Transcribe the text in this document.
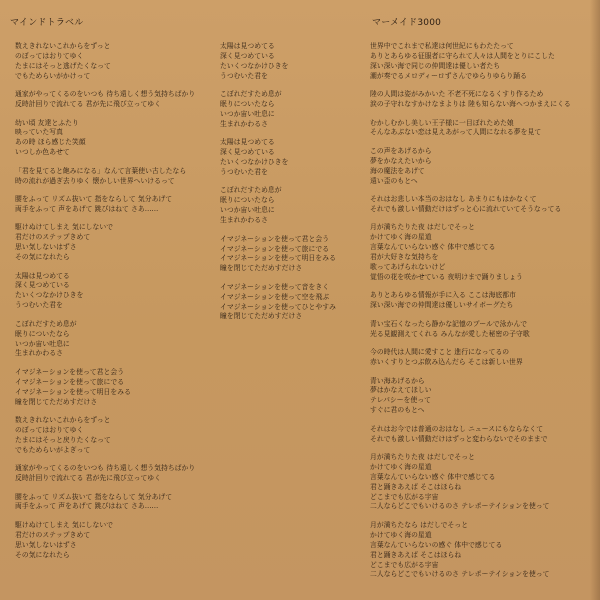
マインドトラベル	マーメイド3000
数えきれないこれからをずっと
のぼってはおりてゆく
たまにはそっと逃げたくなって
でもためらいがかけって
通家がやってくるのをいつも 待ち遠しく想う気持ちばかり
反時計回りで流れてる 君が先に飛び立ってゆく
幼い頃 友達とふたり
映っていた写真
あの時 ほら感じた笑顔
いつしか色あせて
「君を見てると飽みになる」なんて言葉使い古したなら
時の流れが過ぎ去りゆく 懐かしい世界へいけるって
腰をふって リズム抜いて 指をならして 気分あげて
両手をふって 声をあげて 跳びはねて さあ……
駆けぬけてしまえ 気にしないで
君だけのステップきめて
思い気しないはずさ
その気になれたら
太陽は見つめてる
深く見つめている
たいくつなかけひきを
うつむいた君を
こぼれだすため息が
眠りについたなら
いつか宙い吐息に
生まれかわるさ
イマジネーションを使って君と会う
イマジネーションを使って旅にでる
イマジネーションを使って明日をみる
瞳を閉じてただめすだけさ
数えきれないこれからをずっと
のぼってはおりてゆく
たまにはそっと戻りたくなって
でもためらいがよぎって
通家がやってくるのをいつも 待ち遠しく想う気持ちばかり
反時計回りで流れてる 君が先に飛び立ってゆく
腰をふって リズム抜いて 指をならして 気分あげて
両手をふって 声をあげて 跳びはねて さあ……
駆けぬけてしまえ 気にしないで
君だけのステップきめて
思い気しないはずさ
その気になれたら
太陽は見つめてる
深く見つめている
たいくつなかけひきを
うつむいた君を
こぼれだすため息が
眠りについたなら
いつか宙い吐息に
生まれかわるさ
太陽は見つめてる
深く見つめている
たいくつなかけひきを
うつむいた君を
こぼれだすため息が
眠りについたなら
いつか宙い吐息に
生まれかわるさ
イマジネーションを使って君と会う
イマジネーションを使って旅にでる
イマジネーションを使って明日をみる
瞳を閉じてただめすだけさ
イマジネーションを使って音をきく
イマジネーションを使って空を飛ぶ
イマジネーションを使ってひとやすみ
瞳を閉じてただめすだけさ
世界中でこれまで私達は何世紀にもわたたって
ありとあらゆる征服者に守られて人々は人間をとりにこした
深い深い海で同じの仲間達は優しい者たち
潮が奏でるメロディーロずさんでゆらりゆらり踊る
陸の人間は姿がみかいた 不老不死になるくすり作るため
涙の子守れなすかけなまよりは 陸も知らない海ヘつかまえにくる
むかしむかし美しい王子様に一目ぼれためた娘
そんなあぶない恋は見えあがって人間になれる夢を見て
この声をあげるから
夢をかなえたいから
海の魔法をあげて
遠い歪のもとへ
それはお悲しい本当のおはなし あまりにもはかなくて
それでも激しい情動だけはずっと心に流れていてそうなってる
月が満ちたりた夜 はだしでそっと
かけてゆく海の星道
言葉なんていらない感ぐ 体中で感じてる
君が大好きな気持ちを
歌ってあげられないけど
覚悟の花を咲かせている 夜明けまで踊りましょう
ありとあらゆる情報が手に入る ここは海底都市
深い深い海での仲間達は優しいサイボーグたち
青い宝石くなったら静かな記憶のプールで泳かんで
光る見観測えてくれる みんなが愛した秘密の子守歌
今の時代は人間に愛すこと 進行になってるの
赤いくすりとつぶ飲み込んだら そこは新しい世界
青い海あげるから
夢はかなえてほしい
テレパシーを使って
すぐに君のもとへ
それはお今では普通のおはなし ニュースにもならなくて
それでも激しい情動だけはずっと変わらないでそのままで
月が満ちたりた夜 はだしでそっと
かけてゆく海の星道
言葉なんていらない感ぐ 体中で感じてる
君と踊きあえば そこはほらね
どこまでも広がる宇宙
二人ならどこでもいけるのさ テレポーテイションを使って
月が満ちたなら はだしでそっと
かけてゆく海の星道
言葉なんていらないの感ぐ 体中で感じてる
君と踊きあえば そこはほらね
どこまでも広がる宇宙
二人ならどこでもいけるのさ テレポーテイションを使って
